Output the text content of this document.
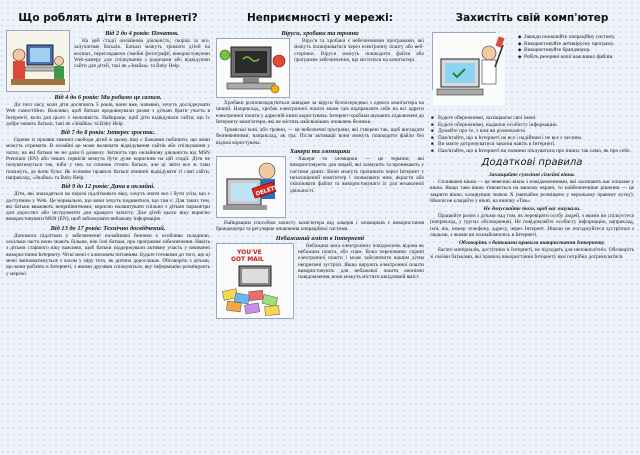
Що роблять діти в Інтернеті?
Від 2 до 4 років: Початок.

На цей стадії онлайнова діяльність, скоріш за все, залучатиме батьків. Батьки можуть тримати дітей на колінах, переглядаючи сімейні фотографії, використовуючи Web-камеру для спілкування з родичами або відвідуючи сайти для дітей, такі як «Знайка» та Baby Help.

Від 4 до 6 років: Ми робимо це самим.

До того часу, коли діти досягають 5 років, вони вже, напевно, хочуть досліджувати Web самостійно. Важливо, щоб батьки продовжували разом з дітьми брати участь в Інтернеті, коли для цього є можливість. Найкраще, щоб діти відвідували сайти, що їх добре знають батьки, такі як «Знайка» та Baby Help.

Від 7 до 8 років: Інтерес зростає.

Одним із проявів значної свободи дітей в цьому віці є бажання побачити, що вони можуть отримати. В онлайні це може включати відвідування сайтів або спілкування у чатах, на які батьки не не дали б дозволу. Звітність про онлайнову діяльність від MSN Premium (EN) або інших сервісів можуть бути дуже корисним на цій стадії. Діти не почуватимуться так, ніби у них за спиною стоять батьки, але ці звіти все ж таки покажуть, де вони були. Як основне правило батьки повинні відвідувати ті самі сайти, наприклад, «Знайка» та Baby Help.

Від 9 до 12 років: Дана в онлайні.

Діти, які знаходяться на порозі підліткового віку, хочуть знати все і бути усім, що є доступним у Web. Це нормально, що вони хочуть подивитися, що там є. Для таких тем, які батьки вважають неприйнятними, корисно налаштувати спільно з дітьми параметри для дорослих або інструменти для кращого захисту. Для дітей цього віку корисно використовувати MSN (EN), щоб заблокувати небажану інформацію.

Від 13 до 17 років: Технічно досвідчений.

Допомога підліткам у забезпеченні онлайнової безпеки є особливо складною, оскільки часто вони знають більше, ніж їхні батьки, про програмне забезпечення. Навіть з дітьми старшого віку важливо, щоб батьки піддержували активну участь у вживанні використання Інтернету. Чіткі межі є ключовим питанням. Будьте готовими до того, що ці межі змінюватимуться з часом у міру того, як дитина дорослішає. Обговоріть з дітьми, що вони роблять в Інтернеті, з якими друзями спілкуються, яку інформацію розміщують у мережі.

Неприємності у мережі:
Віруси, хробаки та трояни

Віруси та хробаки є небезпечними програмами, які можуть поширюватися через електронну пошту або веб-сторінки. Віруси можуть пошкодити файли або програмне забезпечення, що міститься на комп'ютері.

Хробаки розповсюджуються швидше за віруси безпосередньо з одного комп'ютера на інший. Наприклад, хробак електронної пошти може сам відправляти себе на всі адреси електронної пошти у адресній книзі користувача. Інтернет-хробаки шукають підключені до Інтернету комп'ютери, які не містять найсвіжіших оновлень безпеки.

Троянські коні, або трояни, — це небезпечні програми, які створені так, щоб виглядати безневинними, наприклад, як гра. Після активації вони можуть пошкодити файли без відома користувача.

Хакери та зломщики
DELETE

Хакери та зломщики — це терміни, які використовують для людей, які зламують та проникають у системи даних. Вони можуть проникати через Інтернет у незахищений комп'ютер і зловживати ним, вкрасти або скопіювати файли та використовувати їх для незаконної діяльності.

Найкращим способом захисту комп'ютера від хакерів і зломщиків є використання брандмауера та регулярне оновлення операційної системи.

Небажаний вміст в Інтернеті
YOU'VE
GOT MAIL

Небажана маса електронних повідомлень відома як небажана пошта, або спам. Вона переповнює скрині електронної пошти і може забезпечити вашим дітям неприємні зустрічі. Якщо вирують електронної пошти використовують для небажаної пошти анонімні повідомлення, вони можуть містити шкідливий вміст.

Захистіть свій комп'ютер
◆ Завжди оновлюйте операційну систему.
◆ Використовуйте антивірусну програму.
◆ Використовуйте брандмауер.
◆ Робіть резервні копії важливих файлів.
■ Будьте обережними, захищаючи свої імені.
■ Будьте обережними, надаючи особисту інформацію.
■ Думайте про те, з ким ви розмовляєте.
■ Пам'ятайте, що в Інтернеті не все і надійним і не все є чесним.
■ Ви маєте дотримуватися законів навіть в Інтернеті.
■ Пам'ятайте, що в Інтернеті ви повинні піклуватися про інших так само, як про себе.
Додаткові правила
Захищайте сумлінні сімейні вікна.

Спливаючі вікна — це невеликі вікна з повідомленнями, які засипають вас кліками у вікна. Якщо таке вікно з'являється на вашому екрані, то найбезпечніше рішення — це закрити вікно, клацнувши значок Х (звичайно розміщено у верхньому правому кутку). Ніколи не клацайте у вікні, на кнопку «Так».

Не допускайте того, щоб вас ошукали.

Працюйте разом з дітьми над тим, як перевіряти особу людей, з якими ви спілкуєтеся (наприклад, у групах обговорення). Не повідомляйте особисту інформацію, наприклад, ім'я, вік, номер телефону, адресу, через Інтернет. Ніколи не погоджуйтеся зустрітися з людьми, з якими ви познайомились в Інтернеті.

Обговоріть з батьками правила використання Інтернету.

Багато материалів, доступних в Інтернеті, не підходять для неповнолітніх. Обговоріть зі своїми батьками, які правила використання Інтернету вам потрібно дотримуватися.
